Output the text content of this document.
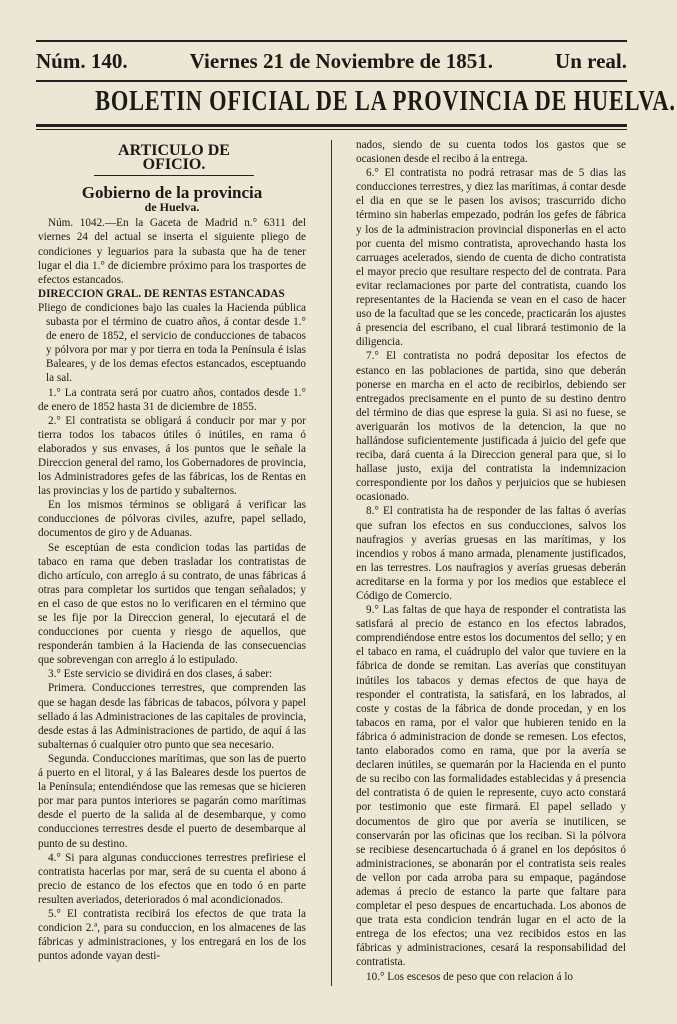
Núm. 140.	Viernes 21 de Noviembre de 1851.	Un real.
BOLETIN OFICIAL DE LA PROVINCIA DE HUELVA.
ARTICULO DE OFICIO.
Gobierno de la provincia
de Huelva.

Núm. 1042.—En la Gaceta de Madrid n.° 6311 del viernes 24 del actual se inserta el siguiente pliego de condiciones y leguarios para la subasta que ha de tener lugar el dia 1.° de diciembre próximo para los trasportes de efectos estancados.

DIRECCION GRAL. DE RENTAS ESTANCADAS

Pliego de condiciones bajo las cuales la Hacienda pública subasta por el término de cuatro años, á contar desde 1.° de enero de 1852, el servicio de conducciones de tabacos y pólvora por mar y por tierra en toda la Península é islas Baleares, y de los demas efectos estancados, esceptuando la sal.

1.° La contrata será por cuatro años, contados desde 1.° de enero de 1852 hasta 31 de diciembre de 1855.

2.° El contratista se obligará á conducir por mar y por tierra todos los tabacos útiles ó inútiles, en rama ó elaborados y sus envases, á los puntos que le señale la Direccion general del ramo, los Gobernadores de provincia, los Administradores gefes de las fábricas, los de Rentas en las provincias y los de partido y subalternos.

En los mismos términos se obligará á verificar las conducciones de pólvoras civiles, azufre, papel sellado, documentos de giro y de Aduanas.

Se esceptúan de esta condicion todas las partidas de tabaco en rama que deben trasladar los contratistas de dicho artículo, con arreglo á su contrato, de unas fábricas á otras para completar los surtidos que tengan señalados; y en el caso de que estos no lo verificaren en el término que se les fije por la Direccion general, lo ejecutará el de conducciones por cuenta y riesgo de aquellos, que responderán tambien á la Hacienda de las consecuencias que sobrevengan con arreglo á lo estipulado.

3.° Este servicio se dividirá en dos clases, á saber:

Primera. Conducciones terrestres, que comprenden las que se hagan desde las fábricas de tabacos, pólvora y papel sellado á las Administraciones de las capitales de provincia, desde estas á las Administraciones de partido, de aquí á las subalternas ó cualquier otro punto que sea necesario.

Segunda. Conducciones marítimas, que son las de puerto á puerto en el litoral, y á las Baleares desde los puertos de la Península; entendiéndose que las remesas que se hicieren por mar para puntos interiores se pagarán como marítimas desde el puerto de la salida al de desembarque, y como conducciones terrestres desde el puerto de desembarque al punto de su destino.

4.° Si para algunas conducciones terrestres prefiriese el contratista hacerlas por mar, será de su cuenta el abono á precio de estanco de los efectos que en todo ó en parte resulten averiados, deteriorados ó mal acondicionados.

5.° El contratista recibirá los efectos de que trata la condicion 2.ª, para su conduccion, en los almacenes de las fábricas y administraciones, y los entregará en los de los puntos adonde vayan desti-

nados, siendo de su cuenta todos los gastos que se ocasionen desde el recibo á la entrega.

6.° El contratista no podrá retrasar mas de 5 dias las conducciones terrestres, y diez las marítimas, á contar desde el dia en que se le pasen los avisos; trascurrido dicho término sin haberlas empezado, podrán los gefes de fábrica y los de la administracion provincial disponerlas en el acto por cuenta del mismo contratista, aprovechando hasta los carruages acelerados, siendo de cuenta de dicho contratista el mayor precio que resultare respecto del de contrata. Para evitar reclamaciones por parte del contratista, cuando los representantes de la Hacienda se vean en el caso de hacer uso de la facultad que se les concede, practicarán los ajustes á presencia del escribano, el cual librará testimonio de la diligencia.

7.° El contratista no podrá depositar los efectos de estanco en las poblaciones de partida, sino que deberán ponerse en marcha en el acto de recibirlos, debiendo ser entregados precisamente en el punto de su destino dentro del término de dias que esprese la guia. Si asi no fuese, se averiguarán los motivos de la detencion, la que no hallándose suficientemente justificada á juicio del gefe que reciba, dará cuenta á la Direccion general para que, si lo hallase justo, exija del contratista la indemnizacion correspondiente por los daños y perjuicios que se hubiesen ocasionado.

8.° El contratista ha de responder de las faltas ó averías que sufran los efectos en sus conducciones, salvos los naufragios y averías gruesas en las marítimas, y los incendios y robos á mano armada, plenamente justificados, en las terrestres. Los naufragios y averías gruesas deberán acreditarse en la forma y por los medios que establece el Código de Comercio.

9.° Las faltas de que haya de responder el contratista las satisfará al precio de estanco en los efectos labrados, comprendiéndose entre estos los documentos del sello; y en el tabaco en rama, el cuádruplo del valor que tuviere en la fábrica de donde se remitan. Las averías que constituyan inútiles los tabacos y demas efectos de que haya de responder el contratista, la satisfará, en los labrados, al coste y costas de la fábrica de donde procedan, y en los tabacos en rama, por el valor que hubieren tenido en la fábrica ó administracion de donde se remesen. Los efectos, tanto elaborados como en rama, que por la avería se declaren inútiles, se quemarán por la Hacienda en el punto de su recibo con las formalidades establecidas y á presencia del contratista ó de quien le represente, cuyo acto constará por testimonio que este firmará. El papel sellado y documentos de giro que por avería se inutilicen, se conservarán por las oficinas que los reciban. Si la pólvora se recibiese desencartuchada ó á granel en los depósitos ó administraciones, se abonarán por el contratista seis reales de vellon por cada arroba para su empaque, pagándose ademas á precio de estanco la parte que faltare para completar el peso despues de encartuchada. Los abonos de que trata esta condicion tendrán lugar en el acto de la entrega de los efectos; una vez recibidos estos en las fábricas y administraciones, cesará la responsabilidad del contratista.

10.° Los escesos de peso que con relacion á lo
